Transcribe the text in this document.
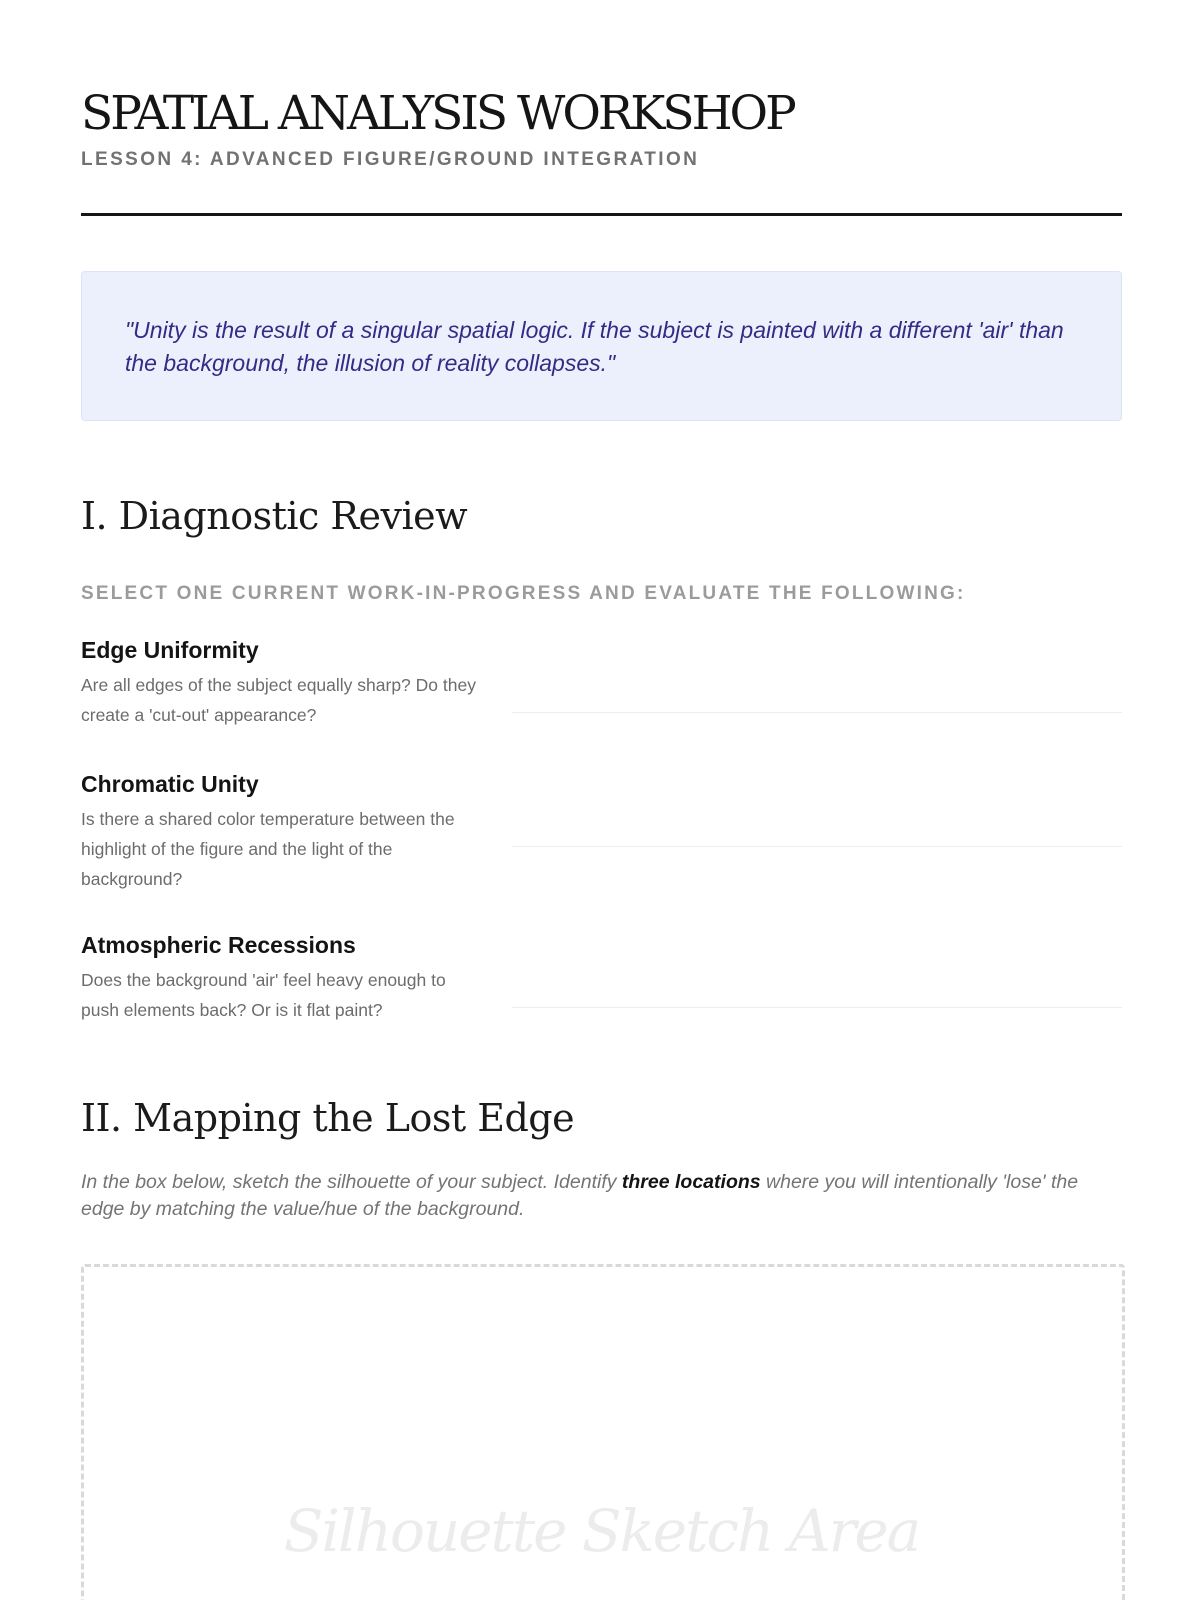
SPATIAL ANALYSIS WORKSHOP
LESSON 4: ADVANCED FIGURE/GROUND INTEGRATION

"Unity is the result of a singular spatial logic. If the subject is painted with a different 'air' than the background, the illusion of reality collapses."

I. Diagnostic Review
SELECT ONE CURRENT WORK-IN-PROGRESS AND EVALUATE THE FOLLOWING:
Edge Uniformity
Are all edges of the subject equally sharp? Do they create a 'cut-out' appearance?
Chromatic Unity
Is there a shared color temperature between the highlight of the figure and the light of the background?
Atmospheric Recessions
Does the background 'air' feel heavy enough to push elements back? Or is it flat paint?
II. Mapping the Lost Edge

In the box below, sketch the silhouette of your subject. Identify three locations where you will intentionally 'lose' the edge by matching the value/hue of the background.

Silhouette Sketch Area
